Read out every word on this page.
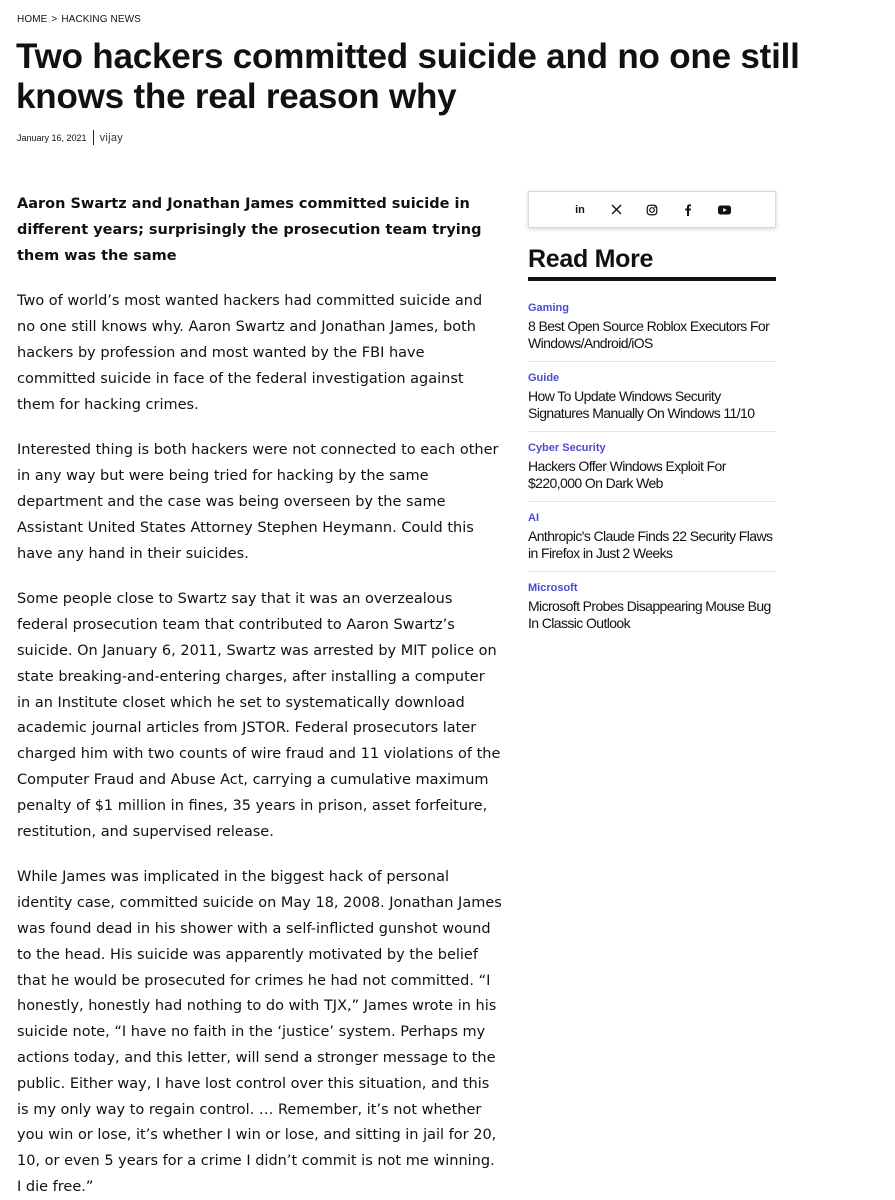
HOME > HACKING NEWS
Two hackers committed suicide and no one still knows the real reason why
January 16, 2021 vijay

Aaron Swartz and Jonathan James committed suicide in different years; surprisingly the prosecution team trying them was the same

Two of world’s most wanted hackers had committed suicide and no one still knows why. Aaron Swartz and Jonathan James, both hackers by profession and most wanted by the FBI have committed suicide in face of the federal investigation against them for hacking crimes.

Interested thing is both hackers were not connected to each other in any way but were being tried for hacking by the same department and the case was being overseen by the same Assistant United States Attorney Stephen Heymann. Could this have any hand in their suicides.

Some people close to Swartz say that it was an overzealous federal prosecution team that contributed to Aaron Swartz’s suicide. On January 6, 2011, Swartz was arrested by MIT police on state breaking-and-entering charges, after installing a computer in an Institute closet which he set to systematically download academic journal articles from JSTOR. Federal prosecutors later charged him with two counts of wire fraud and 11 violations of the Computer Fraud and Abuse Act, carrying a cumulative maximum penalty of $1 million in fines, 35 years in prison, asset forfeiture, restitution, and supervised release.

While James was implicated in the biggest hack of personal identity case, committed suicide on May 18, 2008. Jonathan James was found dead in his shower with a self-inflicted gunshot wound to the head. His suicide was apparently motivated by the belief that he would be prosecuted for crimes he had not committed. “I honestly, honestly had nothing to do with TJX,” James wrote in his suicide note, “I have no faith in the ‘justice’ system. Perhaps my actions today, and this letter, will send a stronger message to the public. Either way, I have lost control over this situation, and this is my only way to regain control. … Remember, it’s not whether you win or lose, it’s whether I win or lose, and sitting in jail for 20, 10, or even 5 years for a crime I didn’t commit is not me winning. I die free.”

in
Read More
Gaming
8 Best Open Source Roblox Executors For Windows/Android/iOS
Guide
How To Update Windows Security Signatures Manually On Windows 11/10
Cyber Security
Hackers Offer Windows Exploit For $220,000 On Dark Web
AI
Anthropic's Claude Finds 22 Security Flaws in Firefox in Just 2 Weeks
Microsoft
Microsoft Probes Disappearing Mouse Bug In Classic Outlook
